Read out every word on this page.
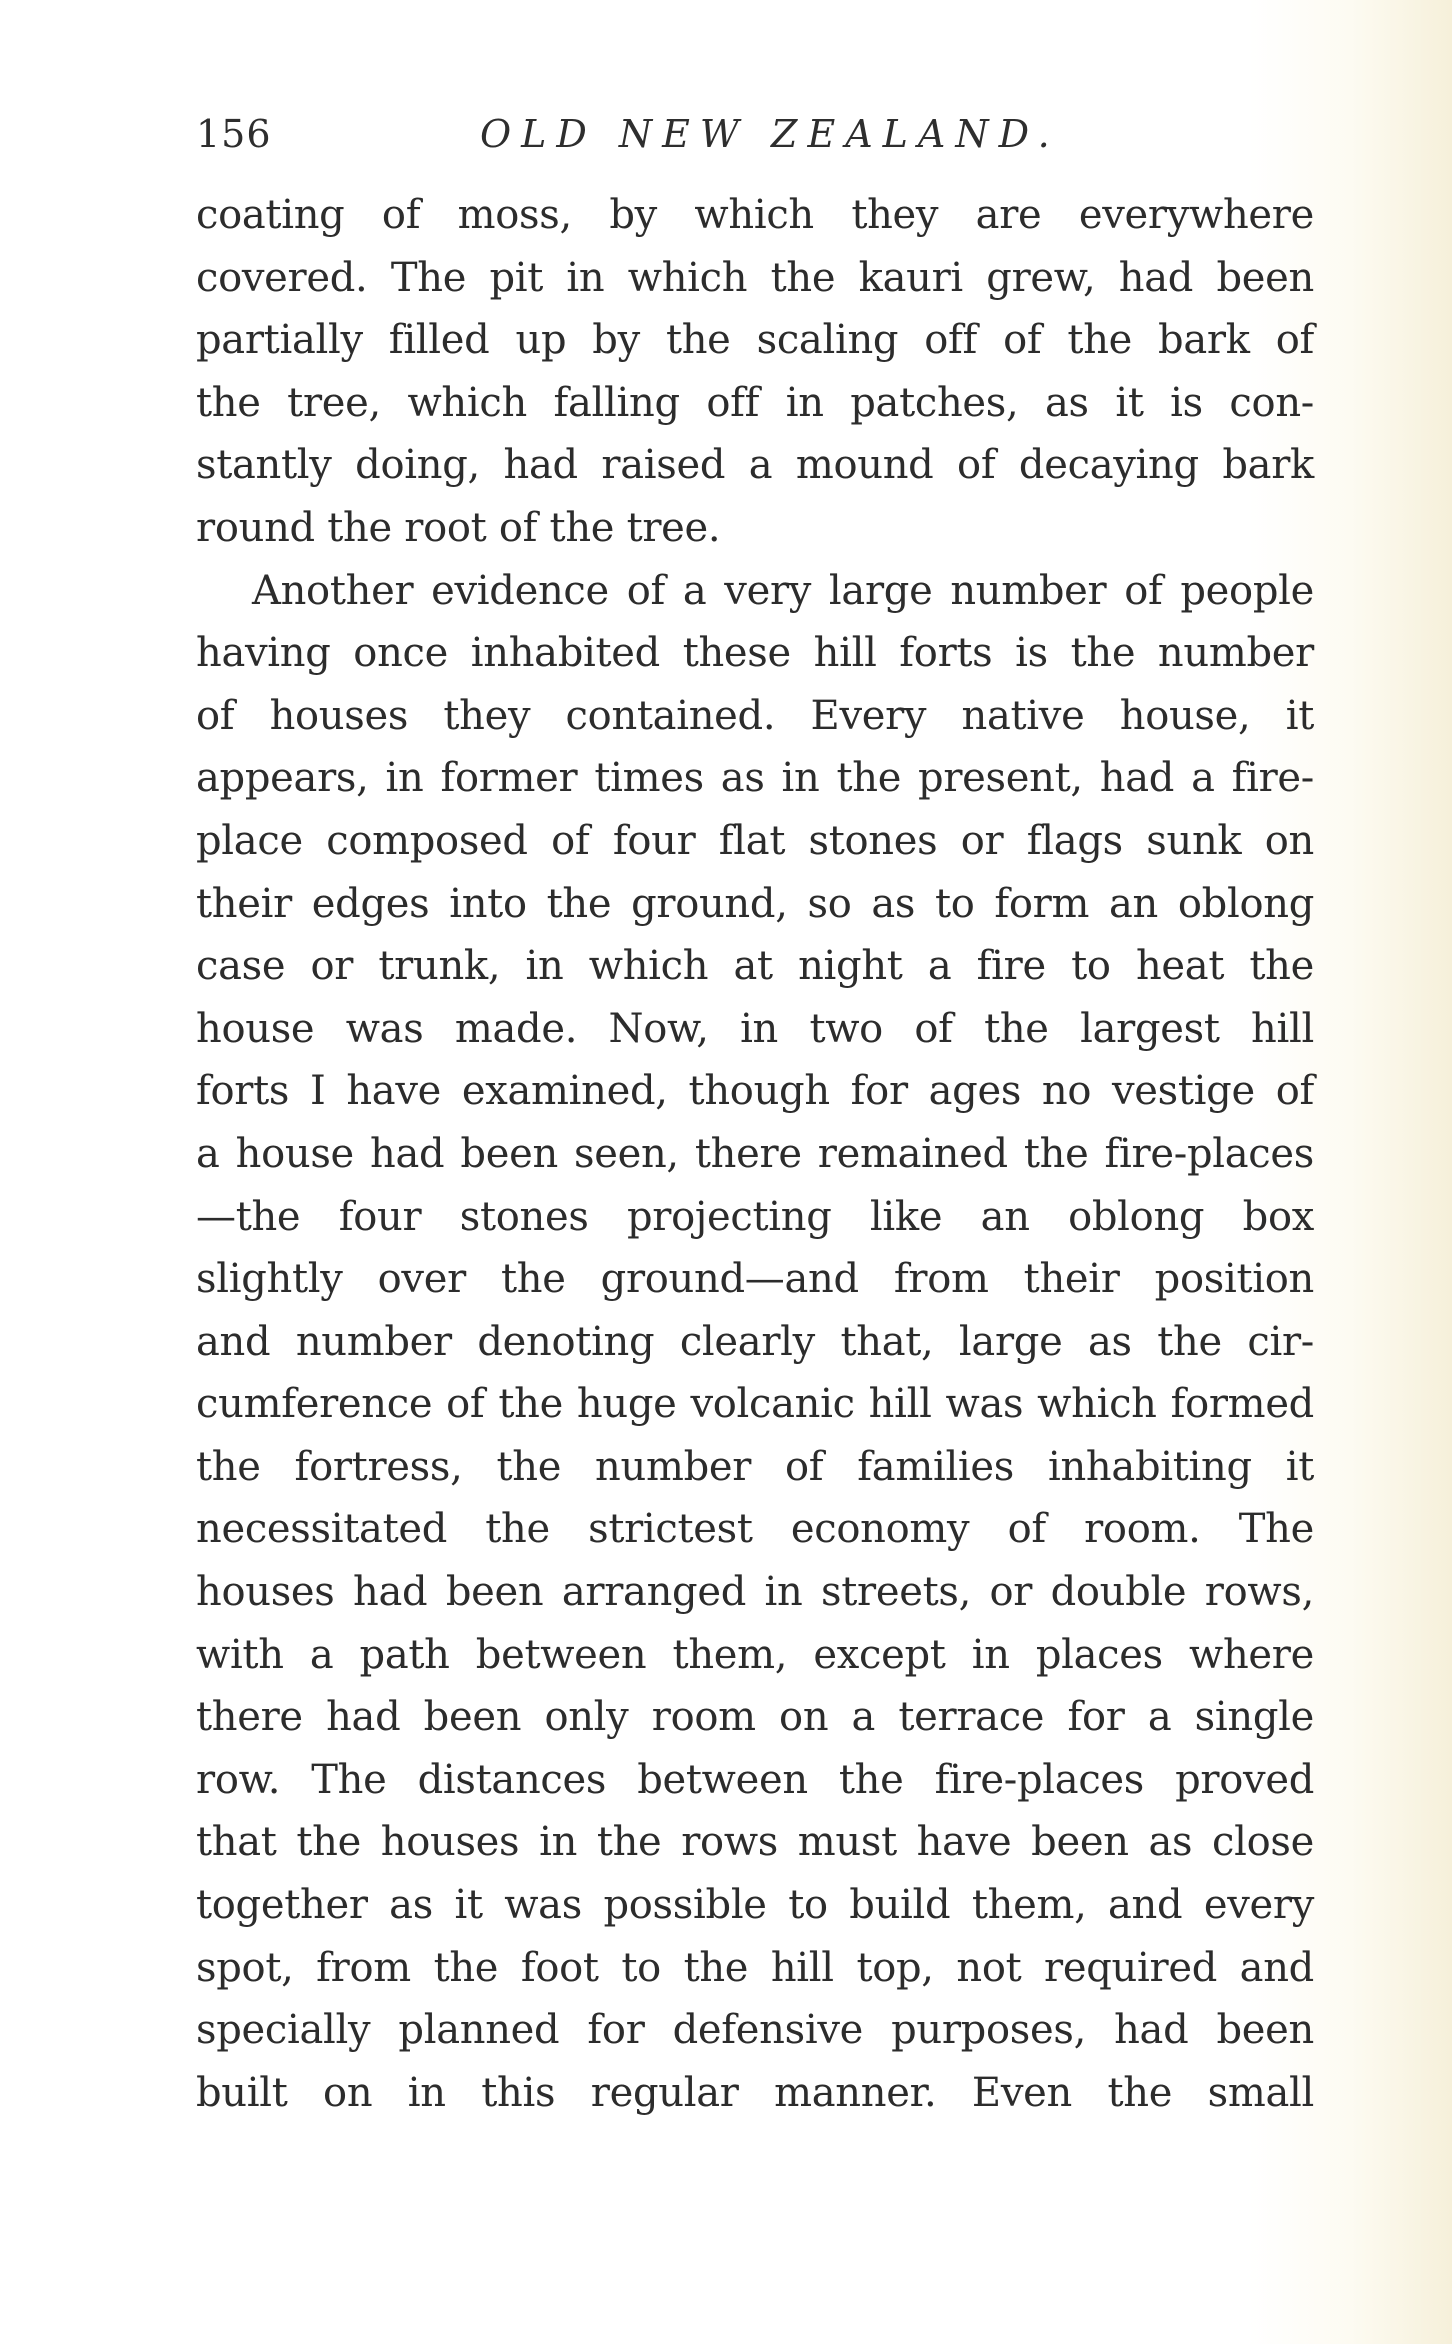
156	OLD NEW ZEALAND.
coating of moss, by which they are everywhere
covered. The pit in which the kauri grew, had been
partially filled up by the scaling off of the bark of
the tree, which falling off in patches, as it is con-
stantly doing, had raised a mound of decaying bark
round the root of the tree.
Another evidence of a very large number of people
having once inhabited these hill forts is the number
of houses they contained. Every native house, it
appears, in former times as in the present, had a fire-
place composed of four flat stones or flags sunk on
their edges into the ground, so as to form an oblong
case or trunk, in which at night a fire to heat the
house was made. Now, in two of the largest hill
forts I have examined, though for ages no vestige of
a house had been seen, there remained the fire-places
—the four stones projecting like an oblong box
slightly over the ground—and from their position
and number denoting clearly that, large as the cir-
cumference of the huge volcanic hill was which formed
the fortress, the number of families inhabiting it
necessitated the strictest economy of room. The
houses had been arranged in streets, or double rows,
with a path between them, except in places where
there had been only room on a terrace for a single
row. The distances between the fire-places proved
that the houses in the rows must have been as close
together as it was possible to build them, and every
spot, from the foot to the hill top, not required and
specially planned for defensive purposes, had been
built on in this regular manner. Even the small
